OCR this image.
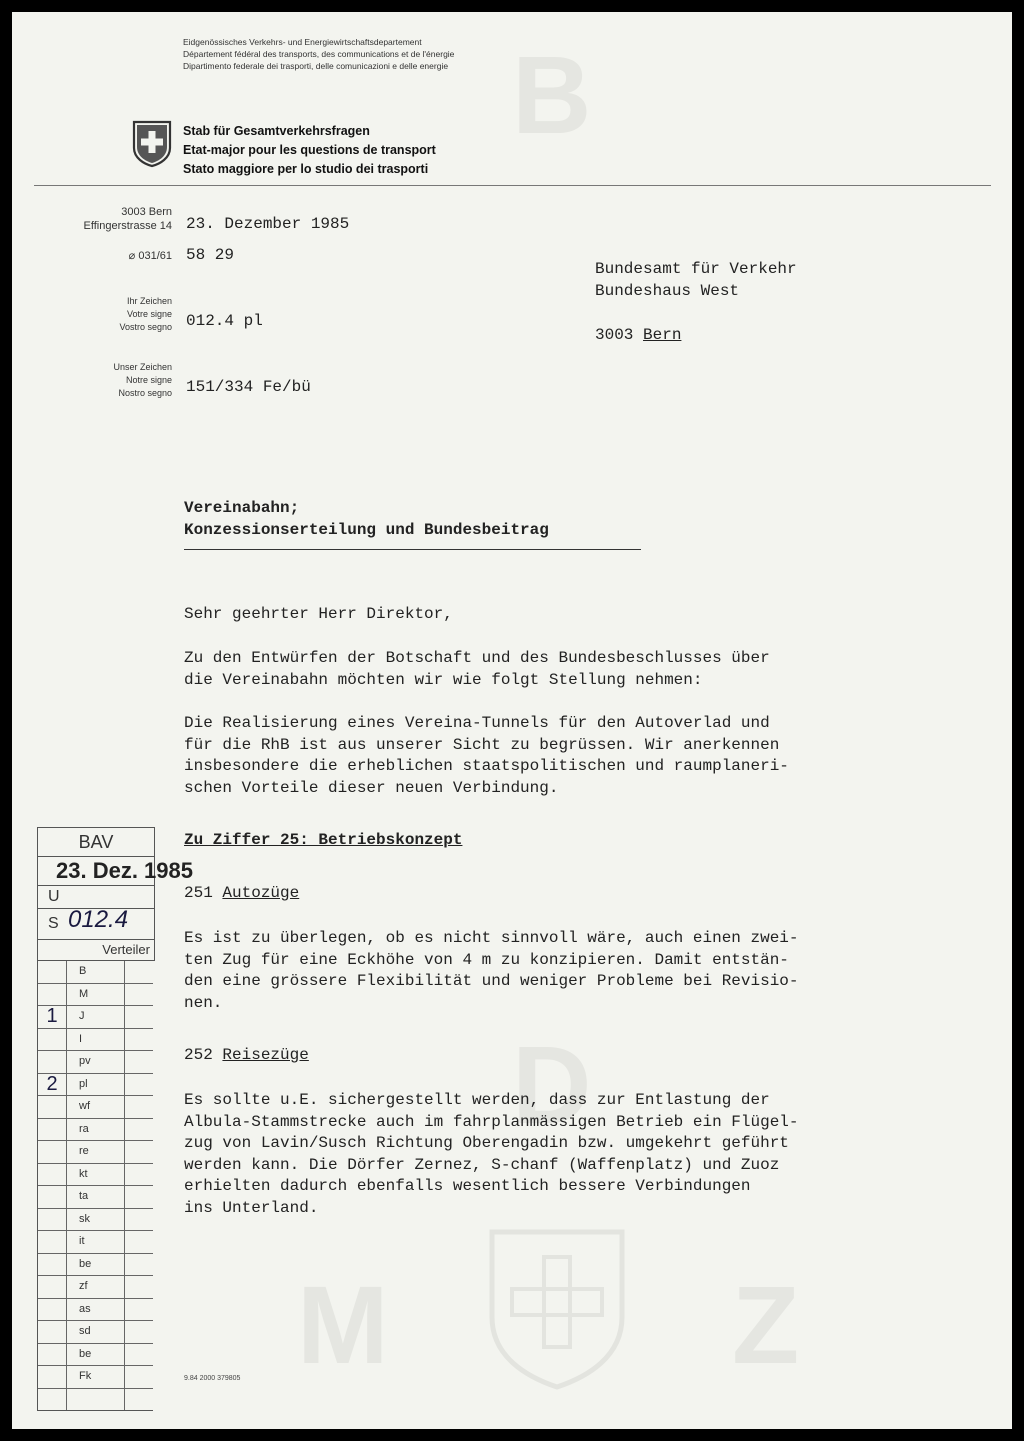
B
D
M	Z
Eidgenössisches Verkehrs- und Energiewirtschaftsdepartement
Département fédéral des transports, des communications et de l'énergie
Dipartimento federale dei trasporti, delle comunicazioni e delle energie
Stab für Gesamtverkehrsfragen
Etat-major pour les questions de transport
Stato maggiore per lo studio dei trasporti
3003 Bern
Effingerstrasse 14 23. Dezember 1985
⌀ 031/61 58 29
Ihr Zeichen
Votre signe
Vostro segno 012.4 pl
Unser Zeichen
Notre signe
Nostro segno 151/334 Fe/bü
Bundesamt für Verkehr
Bundeshaus West
3003 Bern
Vereinabahn;
Konzessionserteilung und Bundesbeitrag
Sehr geehrter Herr Direktor,

Zu den Entwürfen der Botschaft und des Bundesbeschlusses über

die Vereinabahn möchten wir wie folgt Stellung nehmen:

Die Realisierung eines Vereina-Tunnels für den Autoverlad und

für die RhB ist aus unserer Sicht zu begrüssen. Wir anerkennen

insbesondere die erheblichen staatspolitischen und raumplaneri-

schen Vorteile dieser neuen Verbindung.

Zu Ziffer 25: Betriebskonzept
251 Autozüge

Es ist zu überlegen, ob es nicht sinnvoll wäre, auch einen zwei-

ten Zug für eine Eckhöhe von 4 m zu konzipieren. Damit entstän-

den eine grössere Flexibilität und weniger Probleme bei Revisio-

nen.

252 Reisezüge

Es sollte u.E. sichergestellt werden, dass zur Entlastung der

Albula-Stammstrecke auch im fahrplanmässigen Betrieb ein Flügel-

zug von Lavin/Susch Richtung Oberengadin bzw. umgekehrt geführt

werden kann. Die Dörfer Zernez, S-chanf (Waffenplatz) und Zuoz

erhielten dadurch ebenfalls wesentlich bessere Verbindungen

ins Unterland.

BAV
23. Dez. 1985
U
S 012.4
Verteiler
B
M
1	J
I
pv
2	pl
wf
ra
re
kt
ta
sk
it
be
zf
as
sd
be
Fk	9.84 2000 379805
